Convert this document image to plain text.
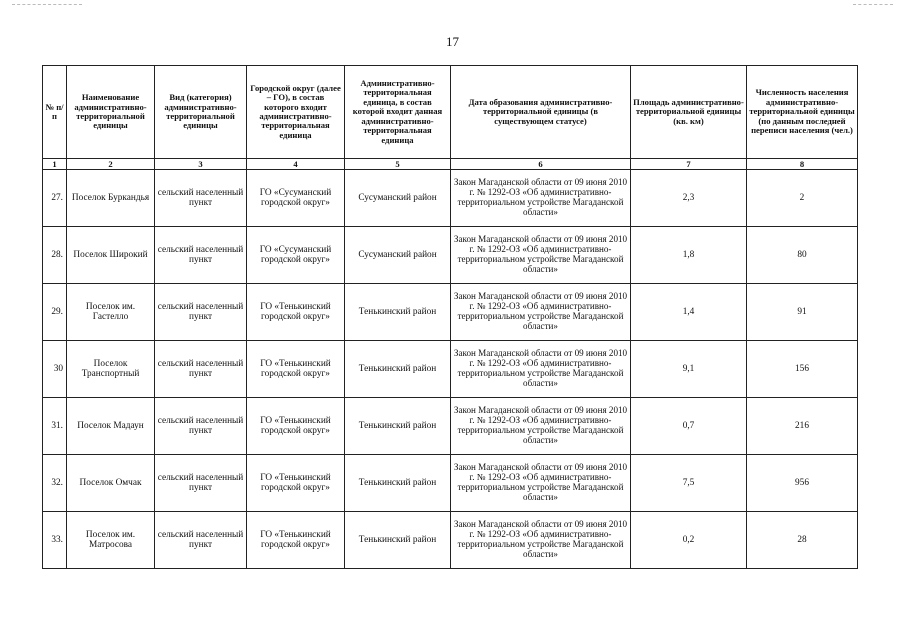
17
№ п/п	Наименование административно-территориальной единицы	Вид (категория) административно-территориальной единицы	Городской округ (далее – ГО), в состав которого входит административно-территориальная единица	Административно-территориальная единица, в состав которой входит данная административно-территориальная единица	Дата образования административно-территориальной единицы (в существующем статусе)	Площадь административно-территориальной единицы (кв. км)	Численность населения административно-территориальной единицы (по данным последней переписи населения (чел.)
1	2	3	4	5	6	7	8
27.	Поселок Буркандья	сельский населенный пункт	ГО «Сусуманский городской округ»	Сусуманский район	Закон Магаданской области от 09 июня 2010 г. № 1292-ОЗ «Об административно-территориальном устройстве Магаданской области»	2,3	2
28.	Поселок Широкий	сельский населенный пункт	ГО «Сусуманский городской округ»	Сусуманский район	Закон Магаданской области от 09 июня 2010 г. № 1292-ОЗ «Об административно-территориальном устройстве Магаданской области»	1,8	80
29.	Поселок им. Гастелло	сельский населенный пункт	ГО «Тенькинский городской округ»	Тенькинский район	Закон Магаданской области от 09 июня 2010 г. № 1292-ОЗ «Об административно-территориальном устройстве Магаданской области»	1,4	91
30	Поселок Транспортный	сельский населенный пункт	ГО «Тенькинский городской округ»	Тенькинский район	Закон Магаданской области от 09 июня 2010 г. № 1292-ОЗ «Об административно-территориальном устройстве Магаданской области»	9,1	156
31.	Поселок Мадаун	сельский населенный пункт	ГО «Тенькинский городской округ»	Тенькинский район	Закон Магаданской области от 09 июня 2010 г. № 1292-ОЗ «Об административно-территориальном устройстве Магаданской области»	0,7	216
32.	Поселок Омчак	сельский населенный пункт	ГО «Тенькинский городской округ»	Тенькинский район	Закон Магаданской области от 09 июня 2010 г. № 1292-ОЗ «Об административно-территориальном устройстве Магаданской области»	7,5	956
33.	Поселок им. Матросова	сельский населенный пункт	ГО «Тенькинский городской округ»	Тенькинский район	Закон Магаданской области от 09 июня 2010 г. № 1292-ОЗ «Об административно-территориальном устройстве Магаданской области»	0,2	28
